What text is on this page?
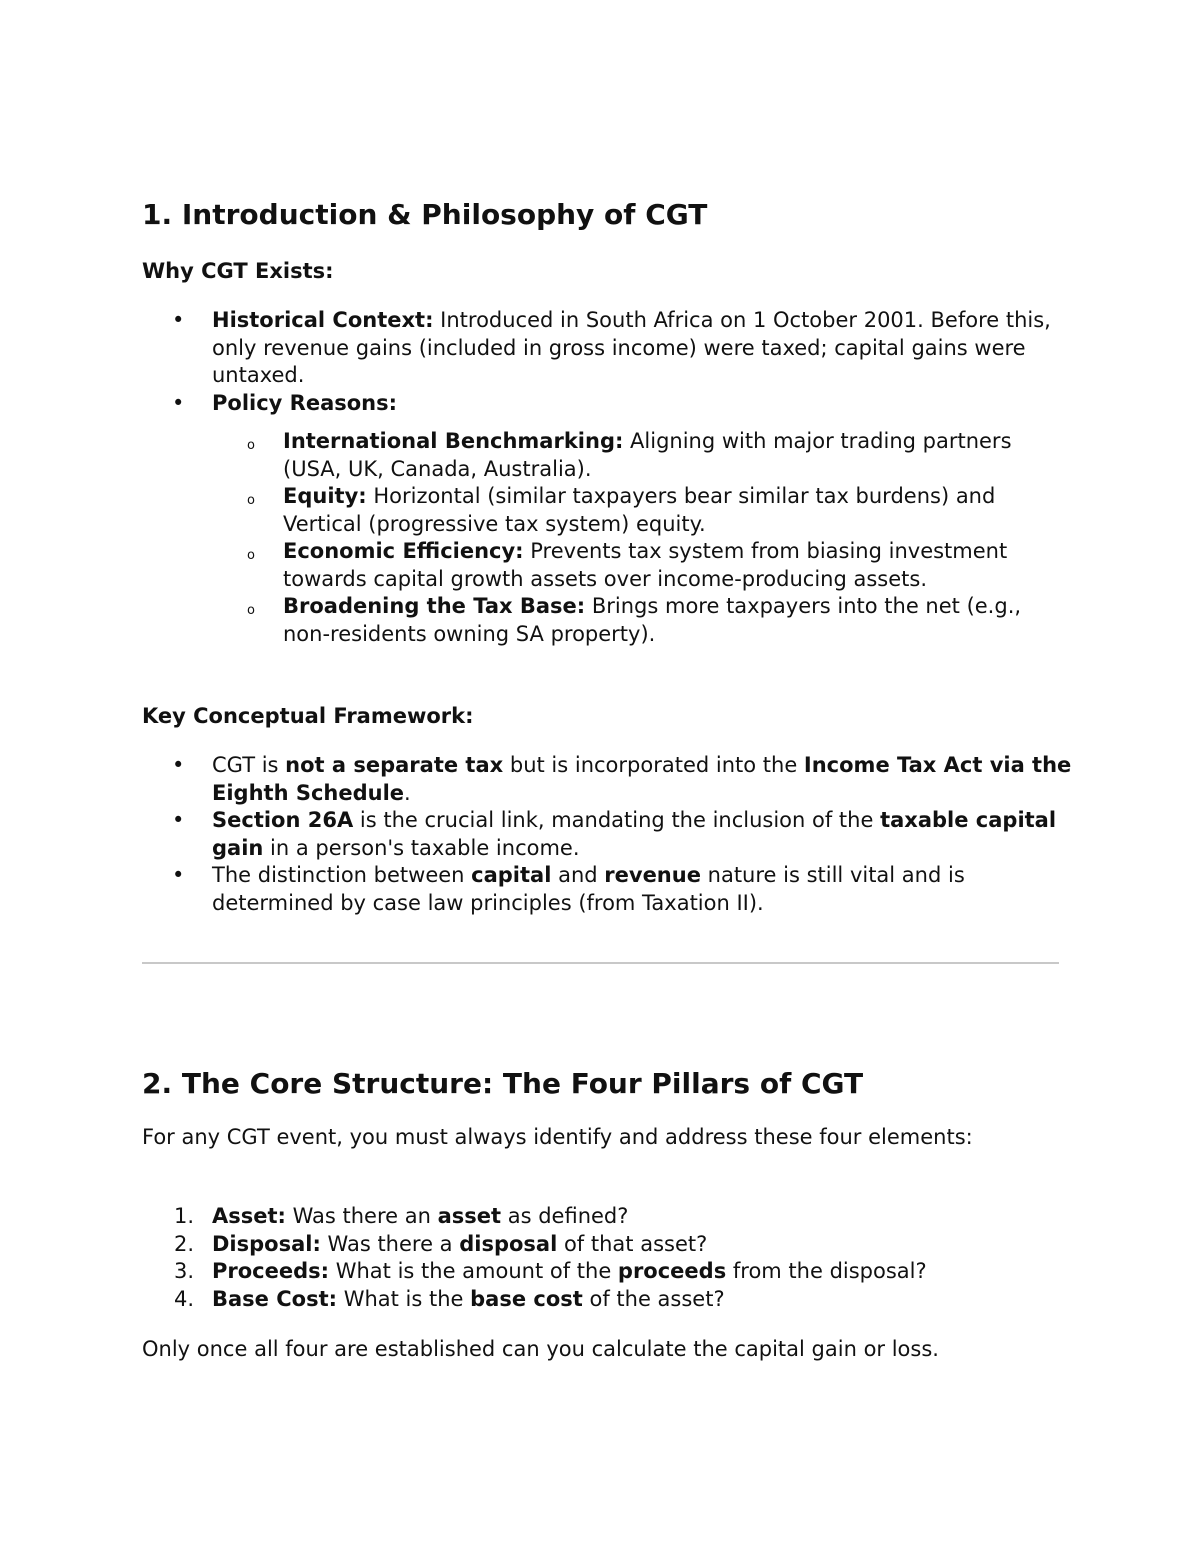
1. Introduction & Philosophy of CGT

Why CGT Exists:

• Historical Context: Introduced in South Africa on 1 October 2001. Before this, only revenue gains (included in gross income) were taxed; capital gains were untaxed.
• Policy Reasons:
o International Benchmarking: Aligning with major trading partners (USA, UK, Canada, Australia).
o Equity: Horizontal (similar taxpayers bear similar tax burdens) and Vertical (progressive tax system) equity.
o Economic Efficiency: Prevents tax system from biasing investment towards capital growth assets over income-producing assets.
o Broadening the Tax Base: Brings more taxpayers into the net (e.g., non-residents owning SA property).

Key Conceptual Framework:

• CGT is not a separate tax but is incorporated into the Income Tax Act via the Eighth Schedule.
• Section 26A is the crucial link, mandating the inclusion of the taxable capital gain in a person's taxable income.
• The distinction between capital and revenue nature is still vital and is determined by case law principles (from Taxation II).
2. The Core Structure: The Four Pillars of CGT

For any CGT event, you must always identify and address these four elements:

1. Asset: Was there an asset as defined?
2. Disposal: Was there a disposal of that asset?
3. Proceeds: What is the amount of the proceeds from the disposal?
4. Base Cost: What is the base cost of the asset?

Only once all four are established can you calculate the capital gain or loss.
